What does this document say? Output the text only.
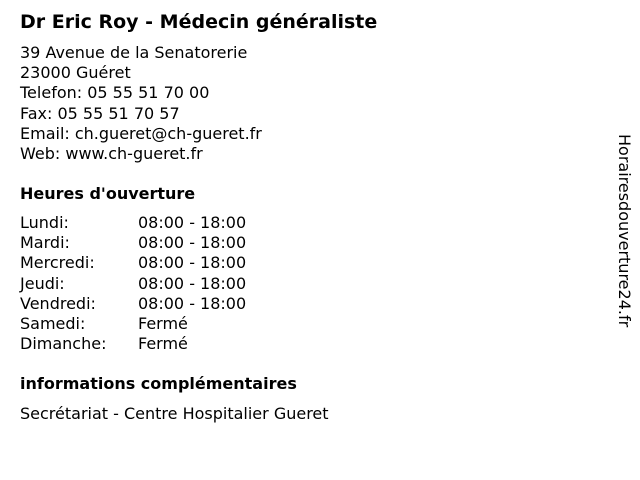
Dr Eric Roy - Médecin généraliste
39 Avenue de la Senatorerie
23000 Guéret
Telefon: 05 55 51 70 00
Fax: 05 55 51 70 57
Email: ch.gueret@ch-gueret.fr
Web: www.ch-gueret.fr
Heures d'ouverture
Lundi:	08:00 - 18:00
Mardi:	08:00 - 18:00
Mercredi:	08:00 - 18:00
Jeudi:	08:00 - 18:00
Vendredi:	08:00 - 18:00
Samedi:	Fermé
Dimanche:	Fermé
informations complémentaires
Secrétariat - Centre Hospitalier Gueret
Horairesdouverture24.fr
